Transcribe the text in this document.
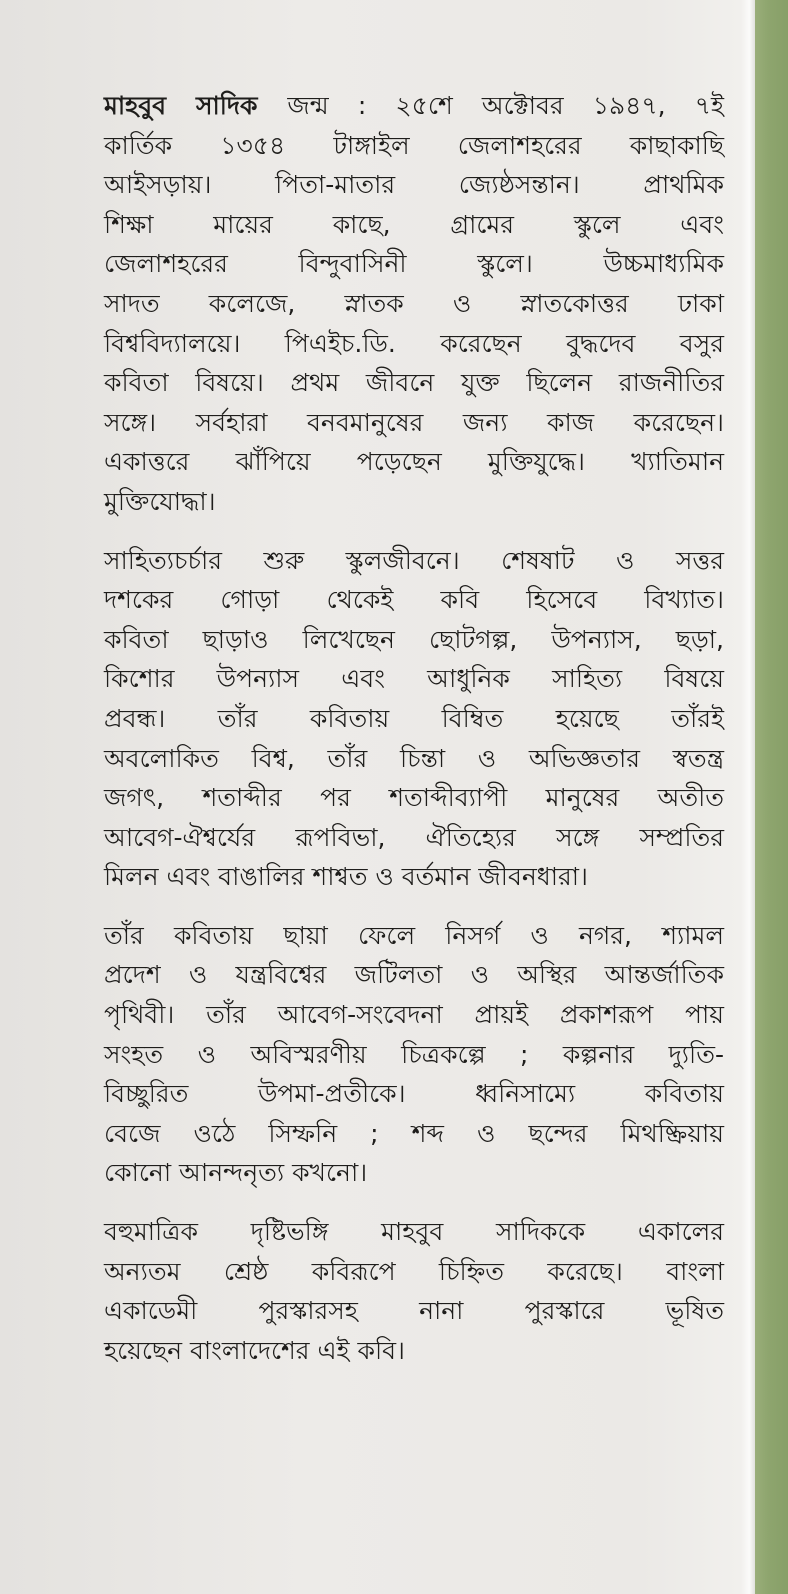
মাহবুব সাদিক জন্ম : ২৫শে অক্টোবর ১৯৪৭, ৭ই
কার্তিক ১৩৫৪ টাঙ্গাইল জেলাশহরের কাছাকাছি
আইসড়ায়। পিতা-মাতার জ্যেষ্ঠসন্তান। প্রাথমিক
শিক্ষা মায়ের কাছে, গ্রামের স্কুলে এবং
জেলাশহরের বিন্দুবাসিনী স্কুলে। উচ্চমাধ্যমিক
সাদত কলেজে, স্নাতক ও স্নাতকোত্তর ঢাকা
বিশ্ববিদ্যালয়ে। পিএইচ.ডি. করেছেন বুদ্ধদেব বসুর
কবিতা বিষয়ে। প্রথম জীবনে যুক্ত ছিলেন রাজনীতির
সঙ্গে। সর্বহারা বনবমানুষের জন্য কাজ করেছেন।
একাত্তরে ঝাঁপিয়ে পড়েছেন মুক্তিযুদ্ধে। খ্যাতিমান
মুক্তিযোদ্ধা।
সাহিত্যচর্চার শুরু স্কুলজীবনে। শেষষাট ও সত্তর
দশকের গোড়া থেকেই কবি হিসেবে বিখ্যাত।
কবিতা ছাড়াও লিখেছেন ছোটগল্প, উপন্যাস, ছড়া,
কিশোর উপন্যাস এবং আধুনিক সাহিত্য বিষয়ে
প্রবন্ধ। তাঁর কবিতায় বিম্বিত হয়েছে তাঁরই
অবলোকিত বিশ্ব, তাঁর চিন্তা ও অভিজ্ঞতার স্বতন্ত্র
জগৎ, শতাব্দীর পর শতাব্দীব্যাপী মানুষের অতীত
আবেগ-ঐশ্বর্যের রূপবিভা, ঐতিহ্যের সঙ্গে সম্প্রতির
মিলন এবং বাঙালির শাশ্বত ও বর্তমান জীবনধারা।
তাঁর কবিতায় ছায়া ফেলে নিসর্গ ও নগর, শ্যামল
প্রদেশ ও যন্ত্রবিশ্বের জটিলতা ও অস্থির আন্তর্জাতিক
পৃথিবী। তাঁর আবেগ-সংবেদনা প্রায়ই প্রকাশরূপ পায়
সংহত ও অবিস্মরণীয় চিত্রকল্পে ; কল্পনার দ্যুতি-
বিচ্ছুরিত উপমা-প্রতীকে। ধ্বনিসাম্যে কবিতায়
বেজে ওঠে সিম্ফনি ; শব্দ ও ছন্দের মিথষ্ক্রিয়ায়
কোনো আনন্দনৃত্য কখনো।
বহুমাত্রিক দৃষ্টিভঙ্গি মাহবুব সাদিককে একালের
অন্যতম শ্রেষ্ঠ কবিরূপে চিহ্নিত করেছে। বাংলা
একাডেমী পুরস্কারসহ নানা পুরস্কারে ভূষিত
হয়েছেন বাংলাদেশের এই কবি।
